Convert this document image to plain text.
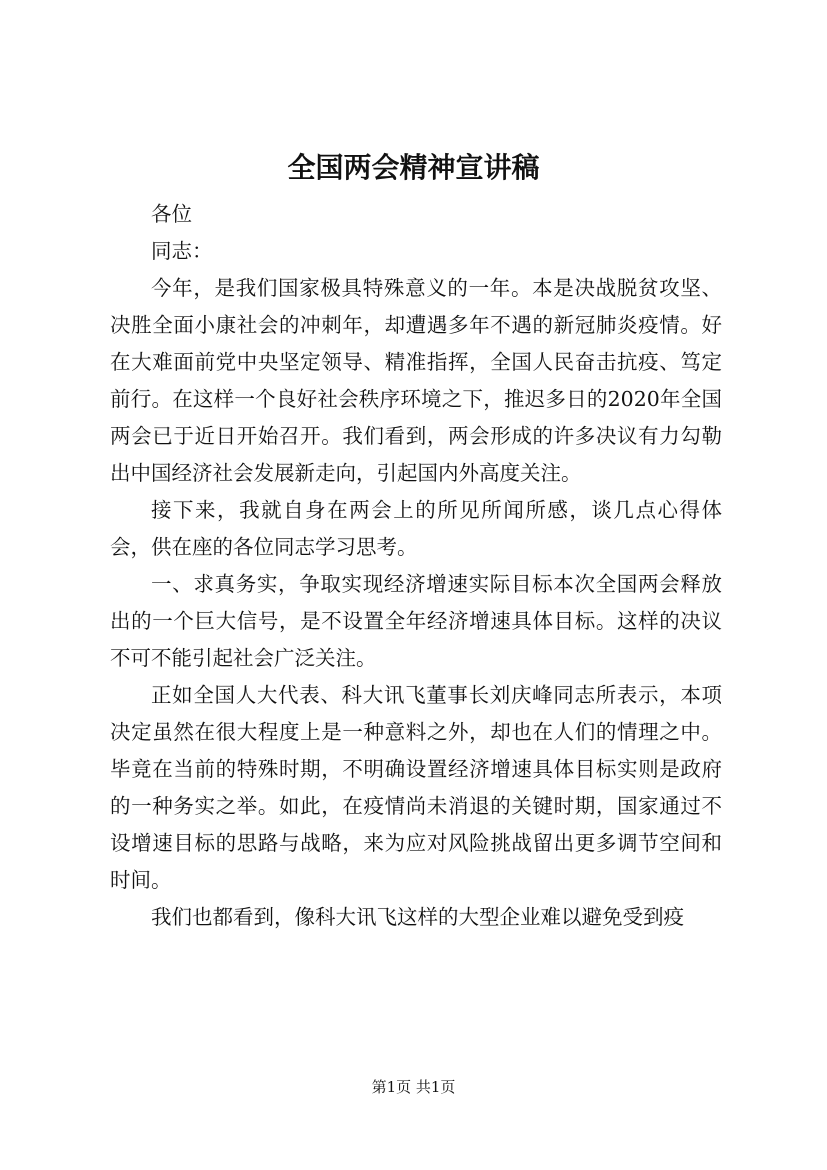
全国两会精神宣讲稿

各位

同志：

今年，是我们国家极具特殊意义的一年。本是决战脱贫攻坚、决胜全面小康社会的冲刺年，却遭遇多年不遇的新冠肺炎疫情。好在大难面前党中央坚定领导、精准指挥，全国人民奋击抗疫、笃定前行。在这样一个良好社会秩序环境之下，推迟多日的2020年全国两会已于近日开始召开。我们看到，两会形成的许多决议有力勾勒出中国经济社会发展新走向，引起国内外高度关注。

接下来，我就自身在两会上的所见所闻所感，谈几点心得体会，供在座的各位同志学习思考。

一、求真务实，争取实现经济增速实际目标本次全国两会释放出的一个巨大信号，是不设置全年经济增速具体目标。这样的决议不可不能引起社会广泛关注。

正如全国人大代表、科大讯飞董事长刘庆峰同志所表示，本项决定虽然在很大程度上是一种意料之外，却也在人们的情理之中。毕竟在当前的特殊时期，不明确设置经济增速具体目标实则是政府的一种务实之举。如此，在疫情尚未消退的关键时期，国家通过不设增速目标的思路与战略，来为应对风险挑战留出更多调节空间和时间。

我们也都看到，像科大讯飞这样的大型企业难以避免受到疫

第1页 共1页
